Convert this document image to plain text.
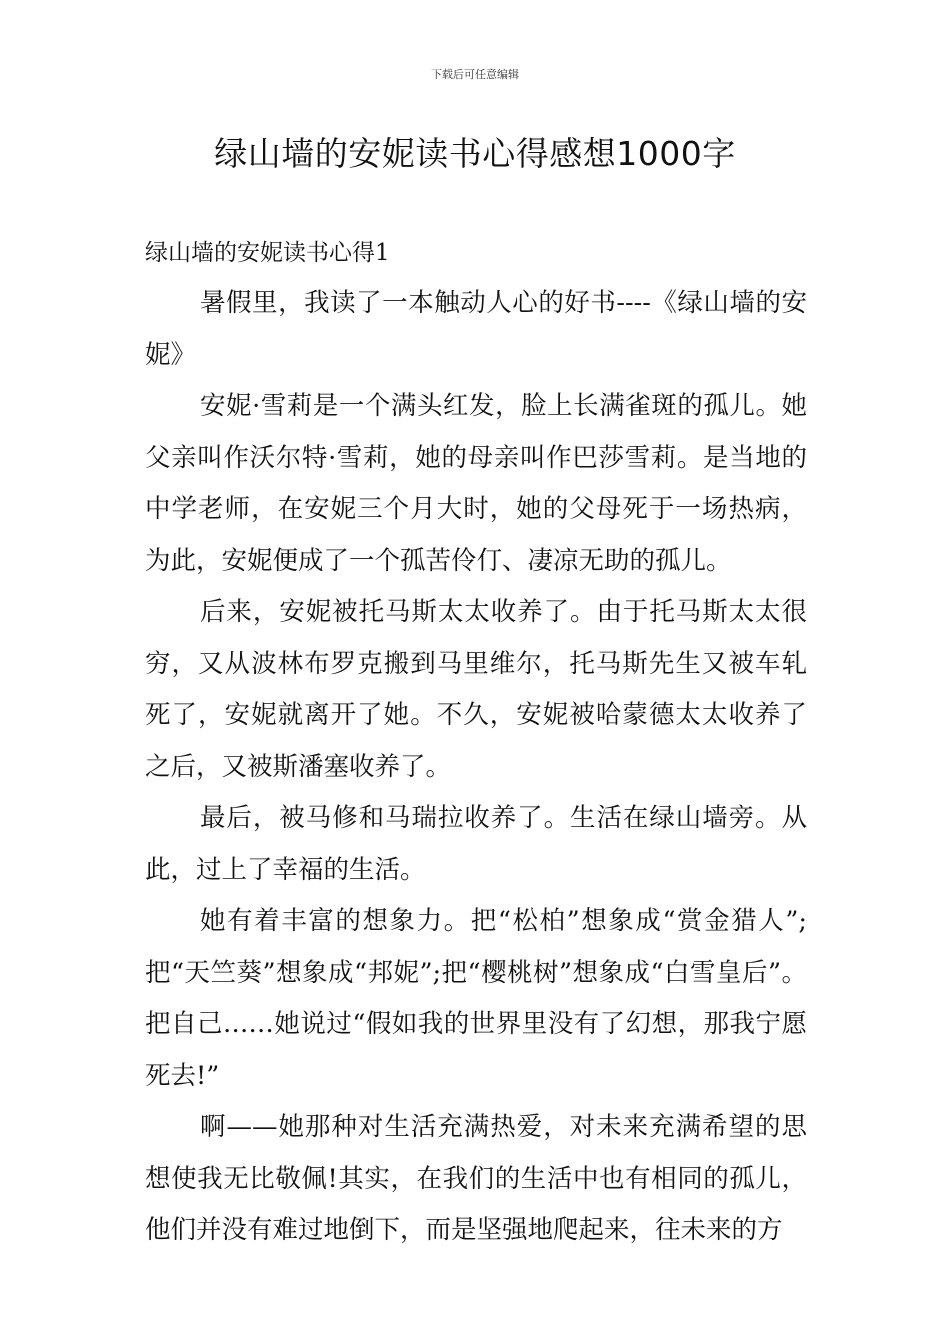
下载后可任意编辑
绿山墙的安妮读书心得感想1000字

绿山墙的安妮读书心得1

暑假里，我读了一本触动人心的好书----《绿山墙的安妮》

安妮·雪莉是一个满头红发，脸上长满雀斑的孤儿。她父亲叫作沃尔特·雪莉，她的母亲叫作巴莎雪莉。是当地的中学老师，在安妮三个月大时，她的父母死于一场热病，为此，安妮便成了一个孤苦伶仃、凄凉无助的孤儿。

后来，安妮被托马斯太太收养了。由于托马斯太太很穷，又从波林布罗克搬到马里维尔，托马斯先生又被车轧死了，安妮就离开了她。不久，安妮被哈蒙德太太收养了之后，又被斯潘塞收养了。

最后，被马修和马瑞拉收养了。生活在绿山墙旁。从此，过上了幸福的生活。

她有着丰富的想象力。把“松柏”想象成“赏金猎人”;把“天竺葵”想象成“邦妮”;把“樱桃树”想象成“白雪皇后”。把自己……她说过“假如我的世界里没有了幻想，那我宁愿死去!”

啊——她那种对生活充满热爱，对未来充满希望的思想使我无比敬佩!其实，在我们的生活中也有相同的孤儿，他们并没有难过地倒下，而是坚强地爬起来，往未来的方
